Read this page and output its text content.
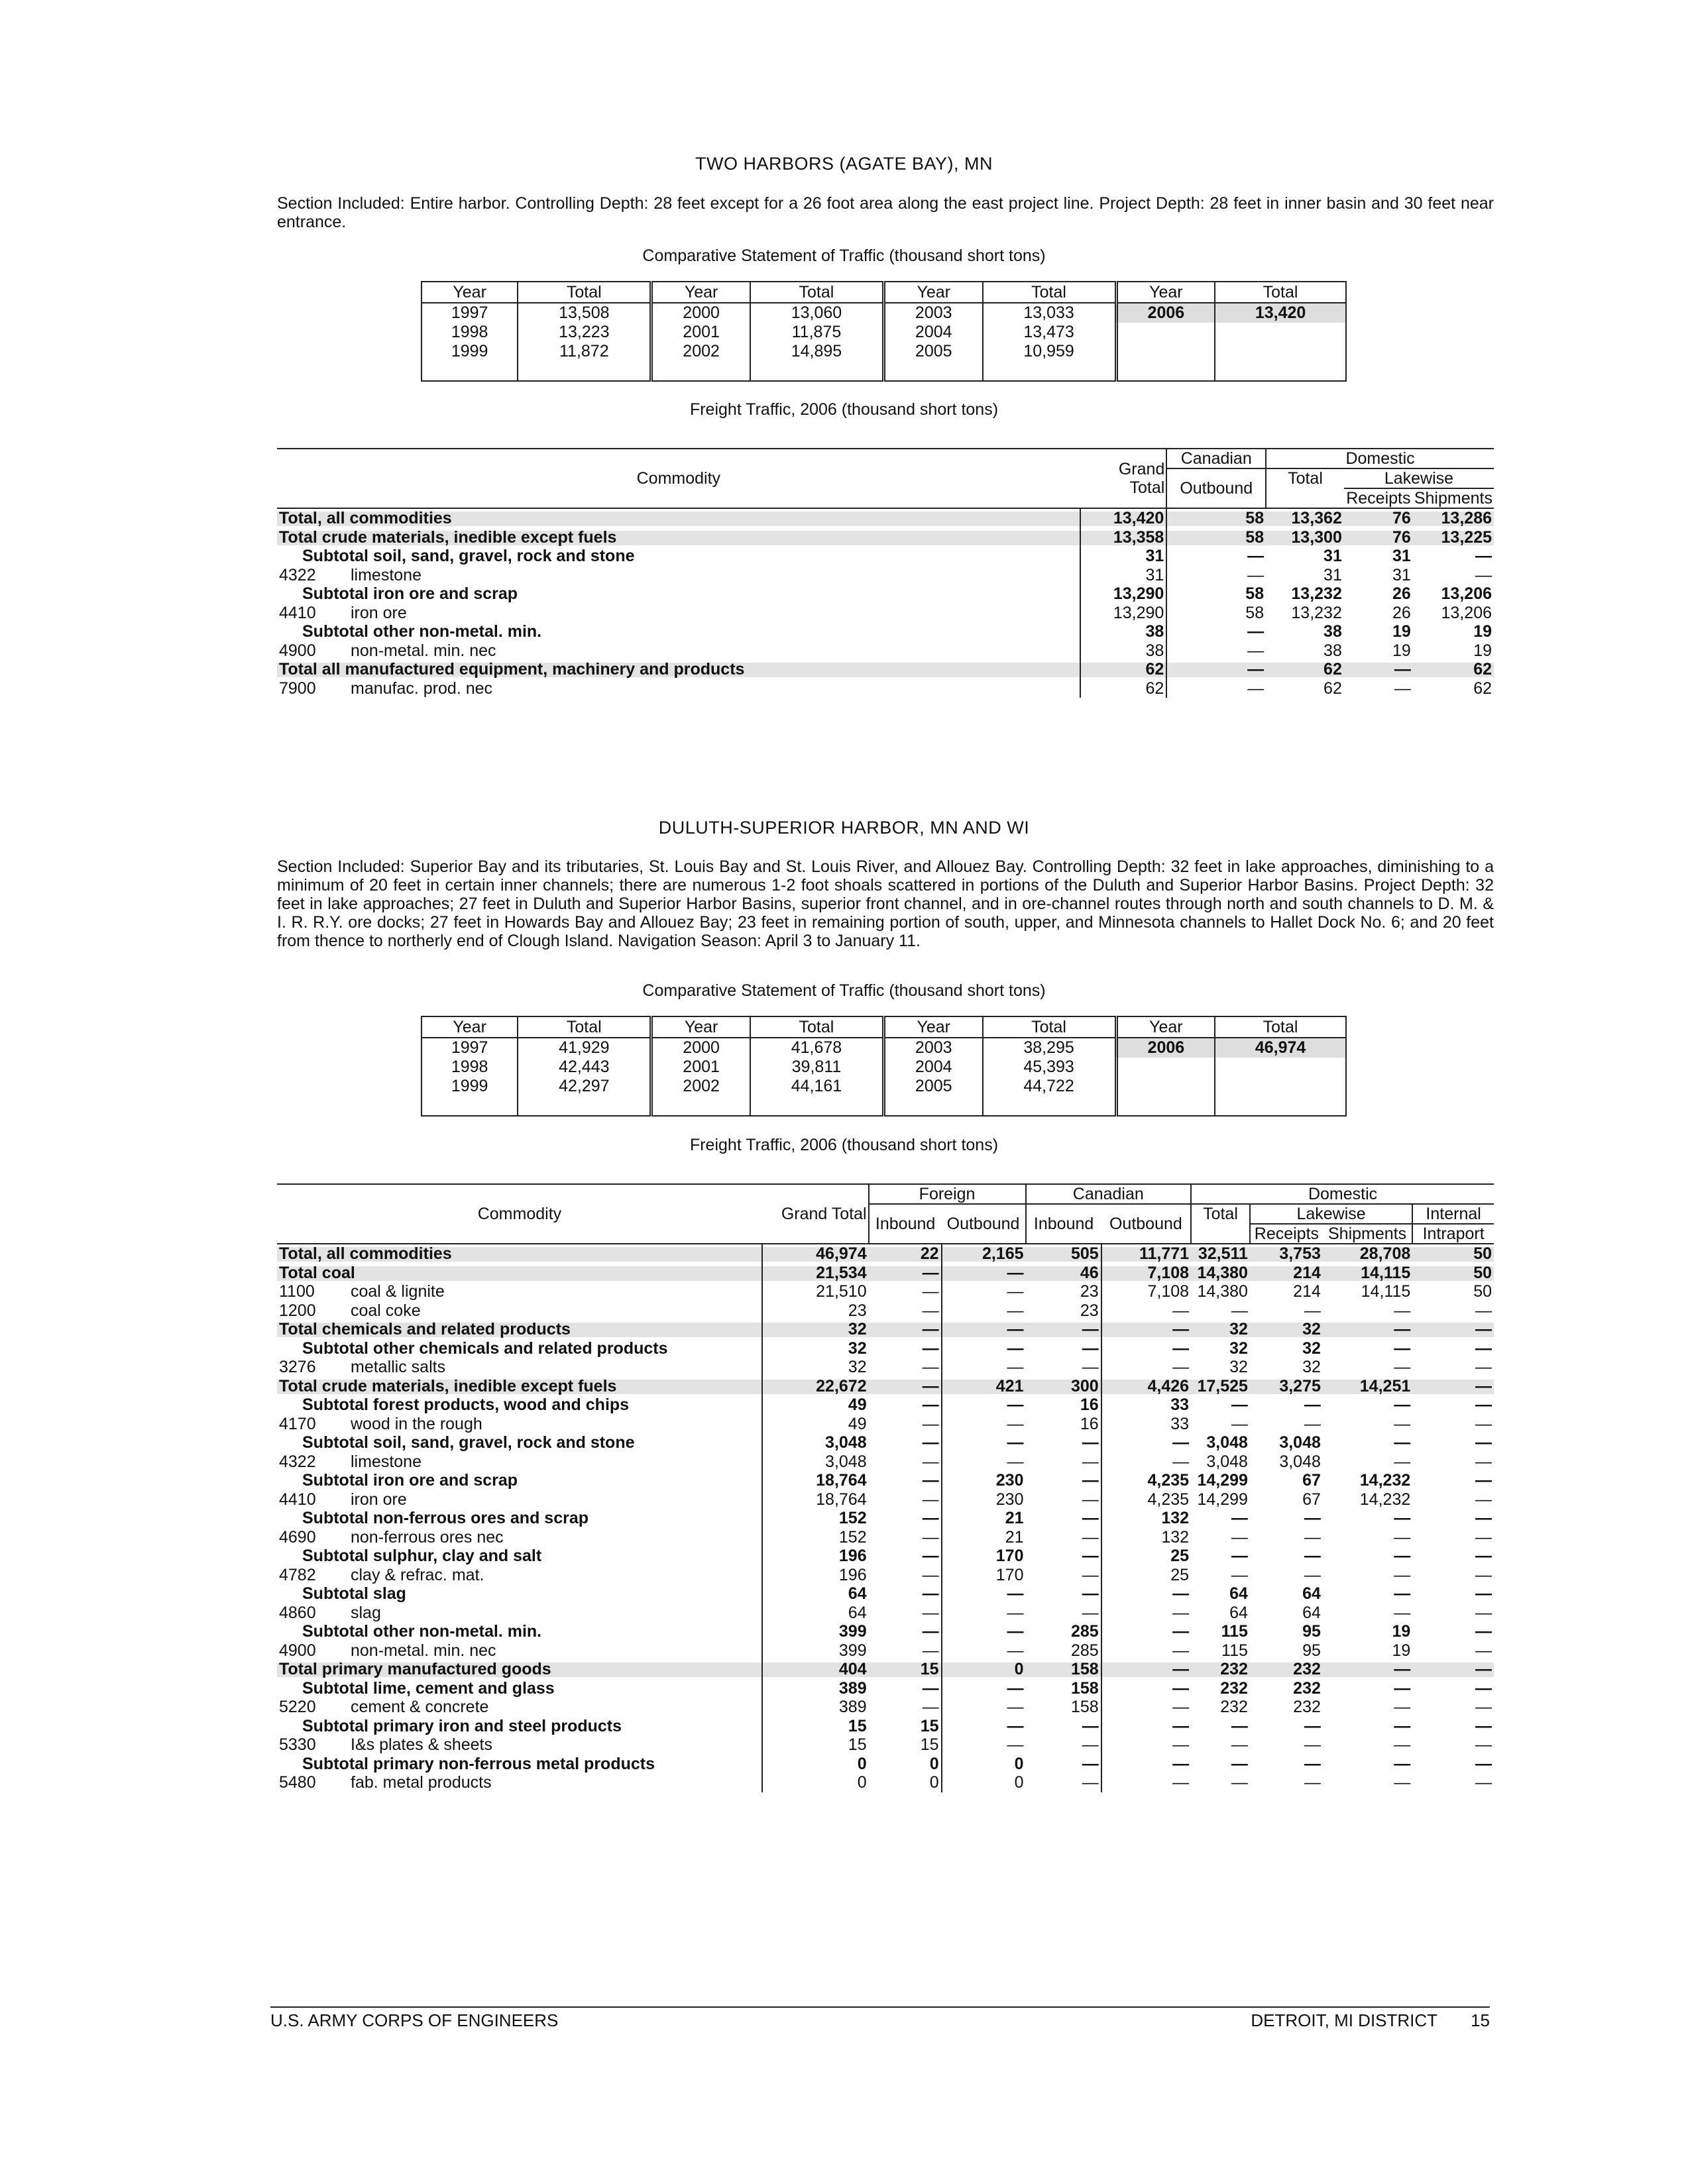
TWO HARBORS (AGATE BAY), MN
Section Included: Entire harbor. Controlling Depth: 28 feet except for a 26 foot area along the east project line. Project Depth: 28 feet in inner basin and 30 feet near entrance.
Comparative Statement of Traffic (thousand short tons)
Year	Total	Year	Total	Year	Total	Year	Total
1997	13,508	2000	13,060	2003	13,033	2006	13,420
1998	13,223	2001	11,875	2004	13,473		
1999	11,872	2002	14,895	2005	10,959		

Freight Traffic, 2006 (thousand short tons)
Commodity	Grand Total	Canadian	Domestic		
		Outbound	Total	Lakewise	
				Receipts	Shipments

Total, all commodities	13,420	58	13,362	76	13,286

Total crude materials, inedible except fuels	13,358	58	13,300	76	13,225
Subtotal soil, sand, gravel, rock and stone	31	—	31	31	—
4322 limestone	31	—	31	31	—
Subtotal iron ore and scrap	13,290	58	13,232	26	13,206
4410 iron ore	13,290	58	13,232	26	13,206
Subtotal other non-metal. min.	38	—	38	19	19
4900 non-metal. min. nec	38	—	38	19	19

Total all manufactured equipment, machinery and products	62	—	62	—	62
7900 manufac. prod. nec	62	—	62	—	62
DULUTH-SUPERIOR HARBOR, MN AND WI
Section Included: Superior Bay and its tributaries, St. Louis Bay and St. Louis River, and Allouez Bay. Controlling Depth: 32 feet in lake approaches, diminishing to a minimum of 20 feet in certain inner channels; there are numerous 1-2 foot shoals scattered in portions of the Duluth and Superior Harbor Basins. Project Depth: 32 feet in lake approaches; 27 feet in Duluth and Superior Harbor Basins, superior front channel, and in ore-channel routes through north and south channels to D. M. & I. R. R.Y. ore docks; 27 feet in Howards Bay and Allouez Bay; 23 feet in remaining portion of south, upper, and Minnesota channels to Hallet Dock No. 6; and 20 feet from thence to northerly end of Clough Island. Navigation Season: April 3 to January 11.
Comparative Statement of Traffic (thousand short tons)
Year	Total	Year	Total	Year	Total	Year	Total
1997	41,929	2000	41,678	2003	38,295	2006	46,974
1998	42,443	2001	39,811	2004	45,393		
1999	42,297	2002	44,161	2005	44,722		

Freight Traffic, 2006 (thousand short tons)
Commodity	Grand Total	Foreign		Canadian		Domestic			
		Inbound	Outbound	Inbound	Outbound	Total	Lakewise		Internal
							Receipts	Shipments	Intraport

Total, all commodities	46,974	22	2,165	505	11,771	32,511	3,753	28,708	50

Total coal	21,534	—	—	46	7,108	14,380	214	14,115	50
1100 coal & lignite	21,510	—	—	23	7,108	14,380	214	14,115	50
1200 coal coke	23	—	—	23	—	—	—	—	—

Total chemicals and related products	32	—	—	—	—	32	32	—	—
Subtotal other chemicals and related products	32	—	—	—	—	32	32	—	—
3276 metallic salts	32	—	—	—	—	32	32	—	—

Total crude materials, inedible except fuels	22,672	—	421	300	4,426	17,525	3,275	14,251	—
Subtotal forest products, wood and chips	49	—	—	16	33	—	—	—	—
4170 wood in the rough	49	—	—	16	33	—	—	—	—
Subtotal soil, sand, gravel, rock and stone	3,048	—	—	—	—	3,048	3,048	—	—
4322 limestone	3,048	—	—	—	—	3,048	3,048	—	—
Subtotal iron ore and scrap	18,764	—	230	—	4,235	14,299	67	14,232	—
4410 iron ore	18,764	—	230	—	4,235	14,299	67	14,232	—
Subtotal non-ferrous ores and scrap	152	—	21	—	132	—	—	—	—
4690 non-ferrous ores nec	152	—	21	—	132	—	—	—	—
Subtotal sulphur, clay and salt	196	—	170	—	25	—	—	—	—
4782 clay & refrac. mat.	196	—	170	—	25	—	—	—	—
Subtotal slag	64	—	—	—	—	64	64	—	—
4860 slag	64	—	—	—	—	64	64	—	—
Subtotal other non-metal. min.	399	—	—	285	—	115	95	19	—
4900 non-metal. min. nec	399	—	—	285	—	115	95	19	—

Total primary manufactured goods	404	15	0	158	—	232	232	—	—
Subtotal lime, cement and glass	389	—	—	158	—	232	232	—	—
5220 cement & concrete	389	—	—	158	—	232	232	—	—
Subtotal primary iron and steel products	15	15	—	—	—	—	—	—	—
5330 I&s plates & sheets	15	15	—	—	—	—	—	—	—
Subtotal primary non-ferrous metal products	0	0	0	—	—	—	—	—	—
5480 fab. metal products	0	0	0	—	—	—	—	—	—
U.S. ARMY CORPS OF ENGINEERS	DETROIT, MI DISTRICT 15
